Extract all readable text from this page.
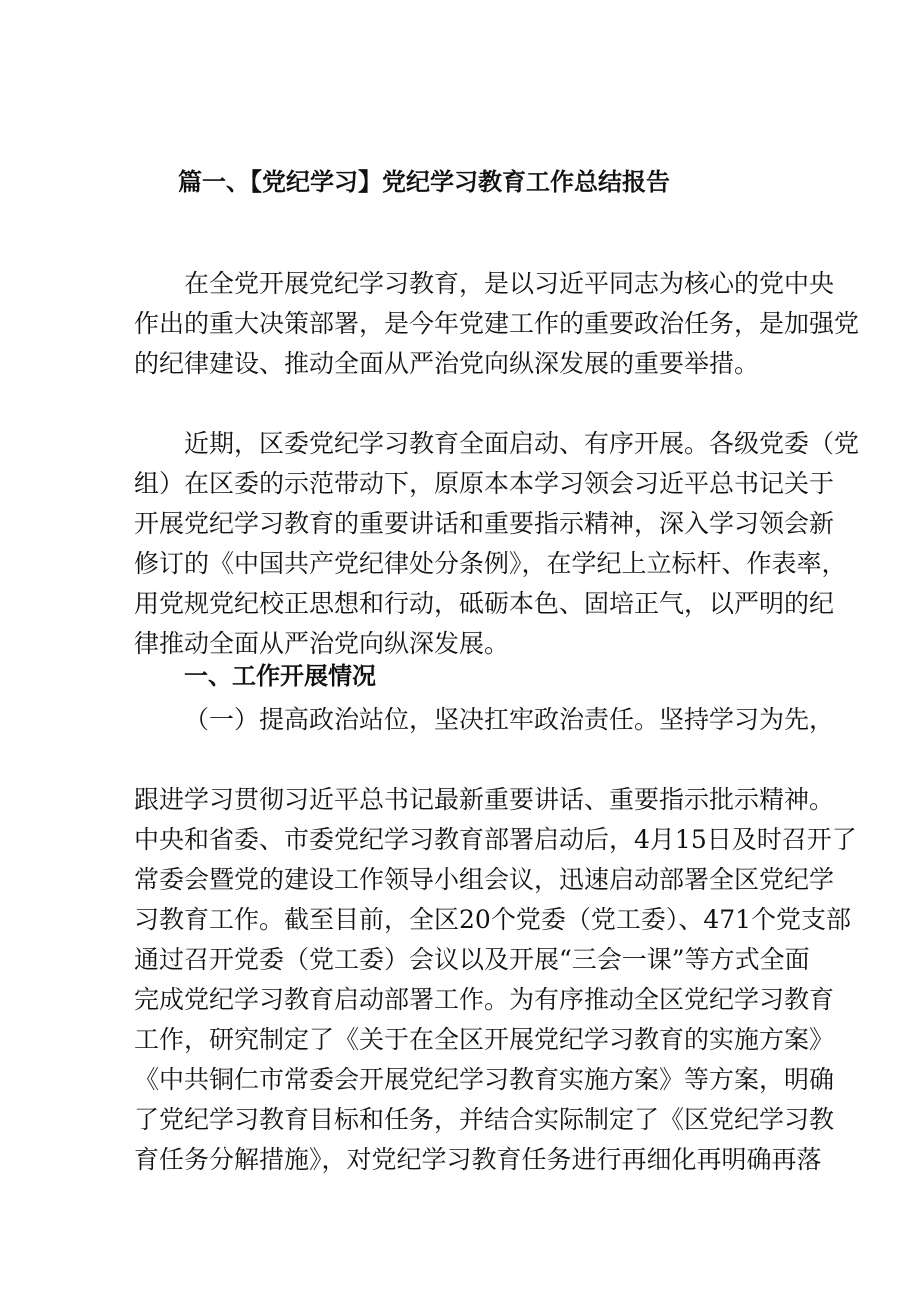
篇一、【党纪学习】党纪学习教育工作总结报告
在全党开展党纪学习教育，是以习近平同志为核心的党中央
作出的重大决策部署，是今年党建工作的重要政治任务，是加强党
的纪律建设、推动全面从严治党向纵深发展的重要举措。
近期，区委党纪学习教育全面启动、有序开展。各级党委（党
组）在区委的示范带动下，原原本本学习领会习近平总书记关于
开展党纪学习教育的重要讲话和重要指示精神，深入学习领会新
修订的《中国共产党纪律处分条例》，在学纪上立标杆、作表率，
用党规党纪校正思想和行动，砥砺本色、固培正气，以严明的纪
律推动全面从严治党向纵深发展。
一、工作开展情况
（一）提高政治站位，坚决扛牢政治责任。坚持学习为先，
跟进学习贯彻习近平总书记最新重要讲话、重要指示批示精神。
中央和省委、市委党纪学习教育部署启动后，4月15日及时召开了
常委会暨党的建设工作领导小组会议，迅速启动部署全区党纪学
习教育工作。截至目前，全区20个党委（党工委）、471个党支部
通过召开党委（党工委）会议以及开展“三会一课”等方式全面
完成党纪学习教育启动部署工作。为有序推动全区党纪学习教育
工作，研究制定了《关于在全区开展党纪学习教育的实施方案》
《中共铜仁市常委会开展党纪学习教育实施方案》等方案，明确
了党纪学习教育目标和任务，并结合实际制定了《区党纪学习教
育任务分解措施》，对党纪学习教育任务进行再细化再明确再落
